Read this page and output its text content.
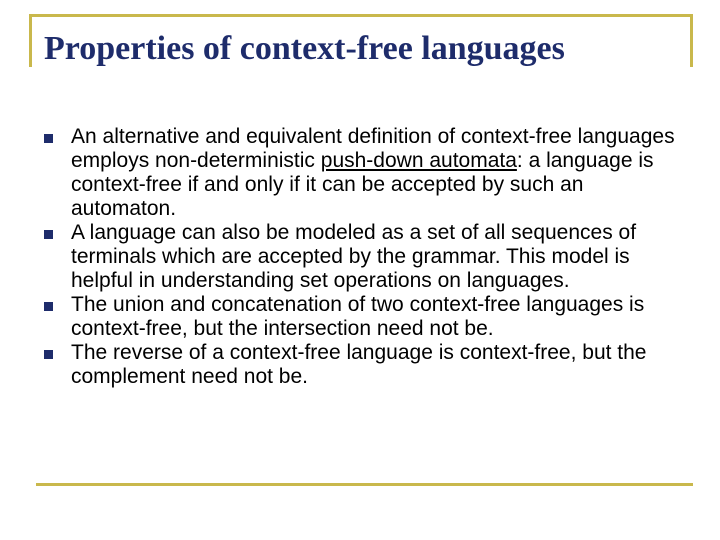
Properties of context-free languages
An alternative and equivalent definition of context-free languages employs non-deterministic push-down automata: a language is context-free if and only if it can be accepted by such an automaton.
A language can also be modeled as a set of all sequences of terminals which are accepted by the grammar. This model is helpful in understanding set operations on languages.
The union and concatenation of two context-free languages is context-free, but the intersection need not be.
The reverse of a context-free language is context-free, but the complement need not be.
